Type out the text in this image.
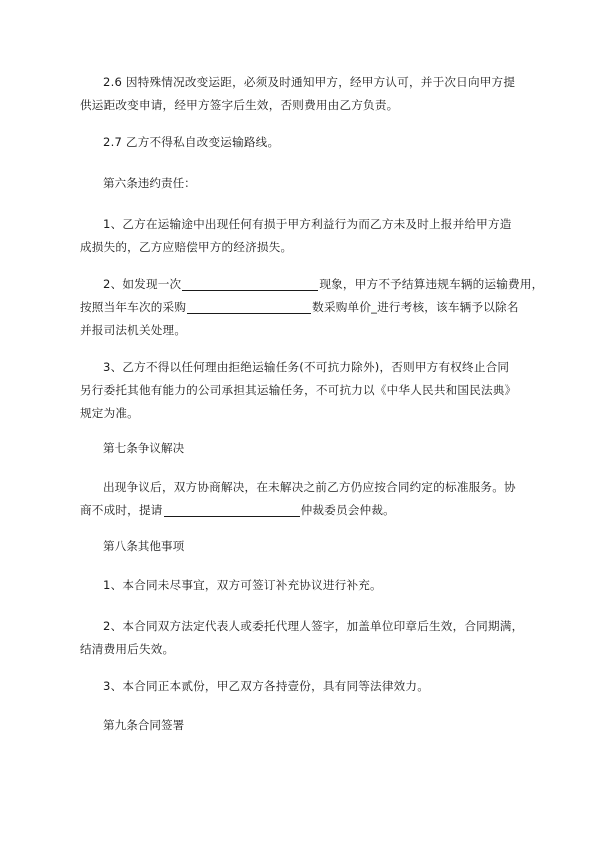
2.6 因特殊情况改变运距，必须及时通知甲方，经甲方认可，并于次日向甲方提
供运距改变申请，经甲方签字后生效，否则费用由乙方负责。
2.7 乙方不得私自改变运输路线。
第六条违约责任：
1、乙方在运输途中出现任何有损于甲方利益行为而乙方未及时上报并给甲方造
成损失的，乙方应赔偿甲方的经济损失。
2、如发现一次	现象，甲方不予结算违规车辆的运输费用，
按照当年车次的采购	数采购单价_进行考核，该车辆予以除名
并报司法机关处理。
3、乙方不得以任何理由拒绝运输任务(不可抗力除外)，否则甲方有权终止合同
另行委托其他有能力的公司承担其运输任务，不可抗力以《中华人民共和国民法典》
规定为准。
第七条争议解决
出现争议后，双方协商解决，在未解决之前乙方仍应按合同约定的标准服务。协
商不成时，提请	仲裁委员会仲裁。
第八条其他事项
1、本合同未尽事宜，双方可签订补充协议进行补充。
2、本合同双方法定代表人或委托代理人签字，加盖单位印章后生效，合同期满，
结清费用后失效。
3、本合同正本贰份，甲乙双方各持壹份，具有同等法律效力。
第九条合同签署
